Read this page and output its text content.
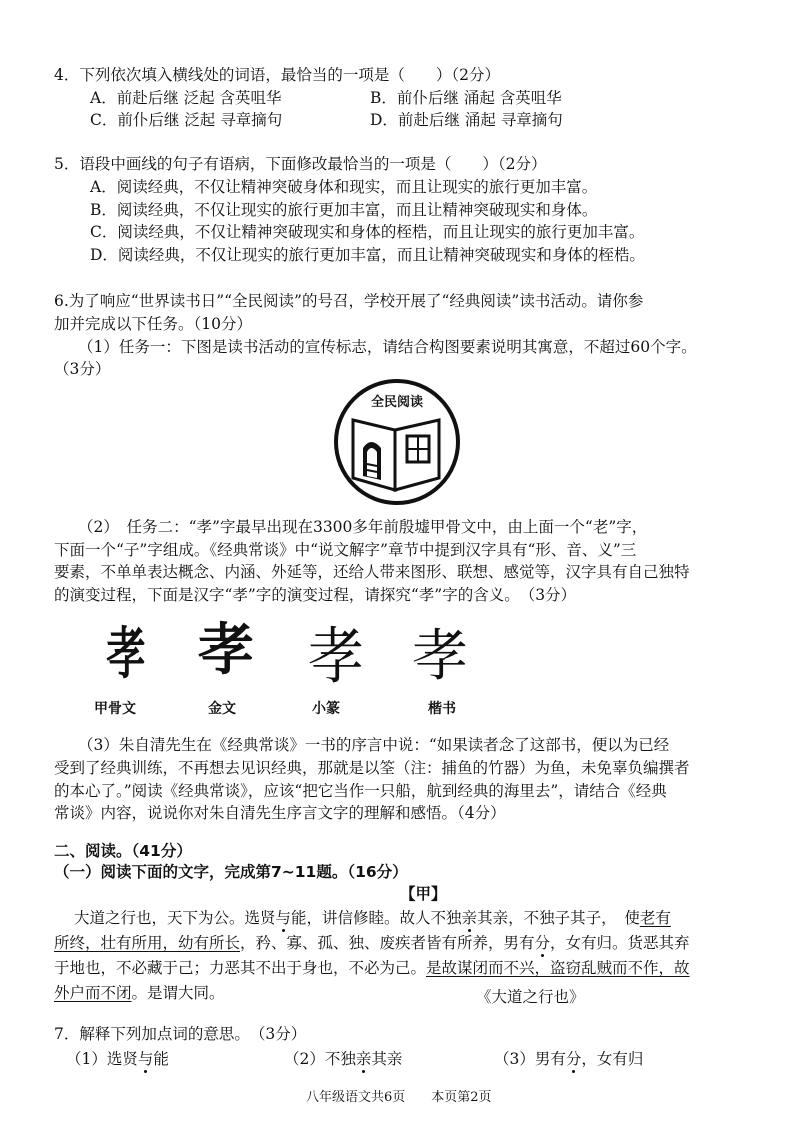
4．下列依次填入横线处的词语，最恰当的一项是（　　）（2分）
A．前赴后继 泛起 含英咀华	B．前仆后继 涌起 含英咀华
C．前仆后继 泛起 寻章摘句	D．前赴后继 涌起 寻章摘句
5．语段中画线的句子有语病，下面修改最恰当的一项是（　　）（2分）
A．阅读经典，不仅让精神突破身体和现实，而且让现实的旅行更加丰富。
B．阅读经典，不仅让现实的旅行更加丰富，而且让精神突破现实和身体。
C．阅读经典，不仅让精神突破现实和身体的桎梏，而且让现实的旅行更加丰富。
D．阅读经典，不仅让现实的旅行更加丰富，而且让精神突破现实和身体的桎梏。
6.为了响应“世界读书日”“全民阅读”的号召，学校开展了“经典阅读”读书活动。请你参
加并完成以下任务。（10分）
（1）任务一：下图是读书活动的宣传标志，请结合构图要素说明其寓意，不超过60个字。
（3分）
全民阅读
（2）　任务二：“孝”字最早出现在3300多年前殷墟甲骨文中，由上面一个“老”字，
下面一个“子”字组成。《经典常谈》中“说文解字”章节中提到汉字具有“形、音、义”三
要素，不单单表达概念、内涵、外延等，还给人带来图形、联想、感觉等，汉字具有自己独特
的演变过程，下面是汉字“孝”字的演变过程，请探究“孝”字的含义。　（3分）
孝 孝 孝 孝
甲骨文	金文	小篆	楷书
（3）朱自清先生在《经典常谈》一书的序言中说：“如果读者念了这部书，便以为已经
受到了经典训练，不再想去见识经典，那就是以筌（注：捕鱼的竹器）为鱼，未免辜负编撰者
的本心了。”阅读《经典常谈》，应该“把它当作一只船，航到经典的海里去”，请结合《经典
常谈》内容，说说你对朱自清先生序言文字的理解和感悟。（4分）
二、阅读。（41分）
（一）阅读下面的文字，完成第7~11题。（16分）
【甲】
大道之行也，天下为公。选贤与能，讲信修睦。故人不独亲其亲，不独子其子，　使老有
所终，壮有所用，幼有所长，矜、寡、孤、独、废疾者皆有所养，男有分，女有归。货恶其弃
于地也，不必藏于己；力恶其不出于身也，不必为己。是故谋闭而不兴，盗窃乱贼而不作，故
外户而不闭。是谓大同。	《大道之行也》
7．解释下列加点词的意思。　（3分）
（1）选贤与能	（2）不独亲其亲	（3）男有分，女有归
八年级语文共6页　　本页第2页
